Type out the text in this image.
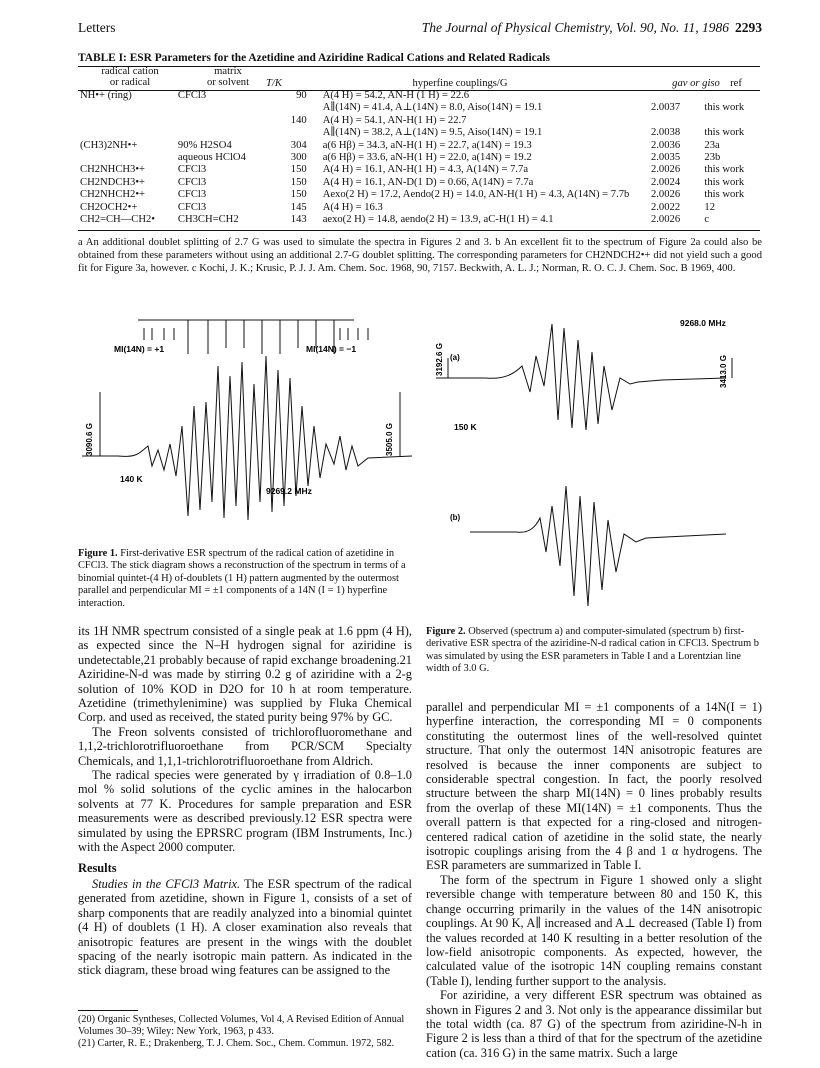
Letters	The Journal of Physical Chemistry, Vol. 90, No. 11, 1986 2293
TABLE I: ESR Parameters for the Azetidine and Aziridine Radical Cations and Related Radicals
radical cation
or radical
matrix
or solvent	T/K	hyperfine couplings/G	gav or giso ref
NH•+ (ring)	CFCl3	90	A(4 H) = 54.2, AN-H (1 H) = 22.6		
			A∥(14N) = 41.4, A⊥(14N) = 8.0, Aiso(14N) = 19.1	2.0037	this work
		140	A(4 H) = 54.1, AN-H(1 H) = 22.7		
			A∥(14N) = 38.2, A⊥(14N) = 9.5, Aiso(14N) = 19.1	2.0038	this work
(CH3)2NH•+	90% H2SO4	304	a(6 Hβ) = 34.3, aN-H(1 H) = 22.7, a(14N) = 19.3	2.0036	23a
	aqueous HClO4	300	a(6 Hβ) = 33.6, aN-H(1 H) = 22.0, a(14N) = 19.2	2.0035	23b
CH2NHCH3•+	CFCl3	150	A(4 H) = 16.1, AN-H(1 H) = 4.3, A(14N) = 7.7a	2.0026	this work
CH2NDCH3•+	CFCl3	150	A(4 H) = 16.1, AN-D(1 D) = 0.66, A(14N) = 7.7a	2.0024	this work
CH2NHCH2•+	CFCl3	150	Aexo(2 H) = 17.2, Aendo(2 H) = 14.0, AN-H(1 H) = 4.3, A(14N) = 7.7b	2.0026	this work
CH2OCH2•+	CFCl3	145	A(4 H) = 16.3	2.0022	12
CH2=CH—CH2•	CH3CH=CH2	143	aexo(2 H) = 14.8, aendo(2 H) = 13.9, aC-H(1 H) = 4.1	2.0026	c
a An additional doublet splitting of 2.7 G was used to simulate the spectra in Figures 2 and 3. b An excellent fit to the spectrum of Figure 2a could also be obtained from these parameters without using an additional 2.7-G doublet splitting. The corresponding parameters for CH2NDCH2•+ did not yield such a good fit for Figure 3a, however. c Kochi, J. K.; Krusic, P. J. J. Am. Chem. Soc. 1968, 90, 7157. Beckwith, A. L. J.; Norman, R. O. C. J. Chem. Soc. B 1969, 400.
MI(14N) = +1	MI(14N) = −1
3090.6 G	3505.0 G
140 K
9269.2 MHz
Figure 1. First-derivative ESR spectrum of the radical cation of azetidine in CFCl3. The stick diagram shows a reconstruction of the spectrum in terms of a binomial quintet-(4 H) of-doublets (1 H) pattern augmented by the outermost parallel and perpendicular MI = ±1 components of a 14N (I = 1) hyperfine interaction.
9268.0 MHz
(a)
(b)
3192.6 G	3413.0 G
150 K
Figure 2. Observed (spectrum a) and computer-simulated (spectrum b) first-derivative ESR spectra of the aziridine-N-d radical cation in CFCl3. Spectrum b was simulated by using the ESR parameters in Table I and a Lorentzian line width of 3.0 G.

its 1H NMR spectrum consisted of a single peak at 1.6 ppm (4 H), as expected since the N–H hydrogen signal for aziridine is undetectable,21 probably because of rapid exchange broadening.21 Aziridine-N-d was made by stirring 0.2 g of aziridine with a 2-g solution of 10% KOD in D2O for 10 h at room temperature. Azetidine (trimethylenimine) was supplied by Fluka Chemical Corp. and used as received, the stated purity being 97% by GC.

The Freon solvents consisted of trichlorofluoromethane and 1,1,2-trichlorotrifluoroethane from PCR/SCM Specialty Chemicals, and 1,1,1-trichlorotrifluoroethane from Aldrich.

The radical species were generated by γ irradiation of 0.8–1.0 mol % solid solutions of the cyclic amines in the halocarbon solvents at 77 K. Procedures for sample preparation and ESR measurements were as described previously.12 ESR spectra were simulated by using the EPRSRC program (IBM Instruments, Inc.) with the Aspect 2000 computer.

Results

Studies in the CFCl3 Matrix. The ESR spectrum of the radical generated from azetidine, shown in Figure 1, consists of a set of sharp components that are readily analyzed into a binomial quintet (4 H) of doublets (1 H). A closer examination also reveals that anisotropic features are present in the wings with the doublet spacing of the nearly isotropic main pattern. As indicated in the stick diagram, these broad wing features can be assigned to the

(20) Organic Syntheses, Collected Volumes, Vol 4, A Revised Edition of Annual Volumes 30–39; Wiley: New York, 1963, p 433.
(21) Carter, R. E.; Drakenberg, T. J. Chem. Soc., Chem. Commun. 1972, 582.

parallel and perpendicular MI = ±1 components of a 14N(I = 1) hyperfine interaction, the corresponding MI = 0 components constituting the outermost lines of the well-resolved quintet structure. That only the outermost 14N anisotropic features are resolved is because the inner components are subject to considerable spectral congestion. In fact, the poorly resolved structure between the sharp MI(14N) = 0 lines probably results from the overlap of these MI(14N) = ±1 components. Thus the overall pattern is that expected for a ring-closed and nitrogen-centered radical cation of azetidine in the solid state, the nearly isotropic couplings arising from the 4 β and 1 α hydrogens. The ESR parameters are summarized in Table I.

The form of the spectrum in Figure 1 showed only a slight reversible change with temperature between 80 and 150 K, this change occurring primarily in the values of the 14N anisotropic couplings. At 90 K, A∥ increased and A⊥ decreased (Table I) from the values recorded at 140 K resulting in a better resolution of the low-field anisotropic components. As expected, however, the calculated value of the isotropic 14N coupling remains constant (Table I), lending further support to the analysis.

For aziridine, a very different ESR spectrum was obtained as shown in Figures 2 and 3. Not only is the appearance dissimilar but the total width (ca. 87 G) of the spectrum from aziridine-N-h in Figure 2 is less than a third of that for the spectrum of the azetidine cation (ca. 316 G) in the same matrix. Such a large
